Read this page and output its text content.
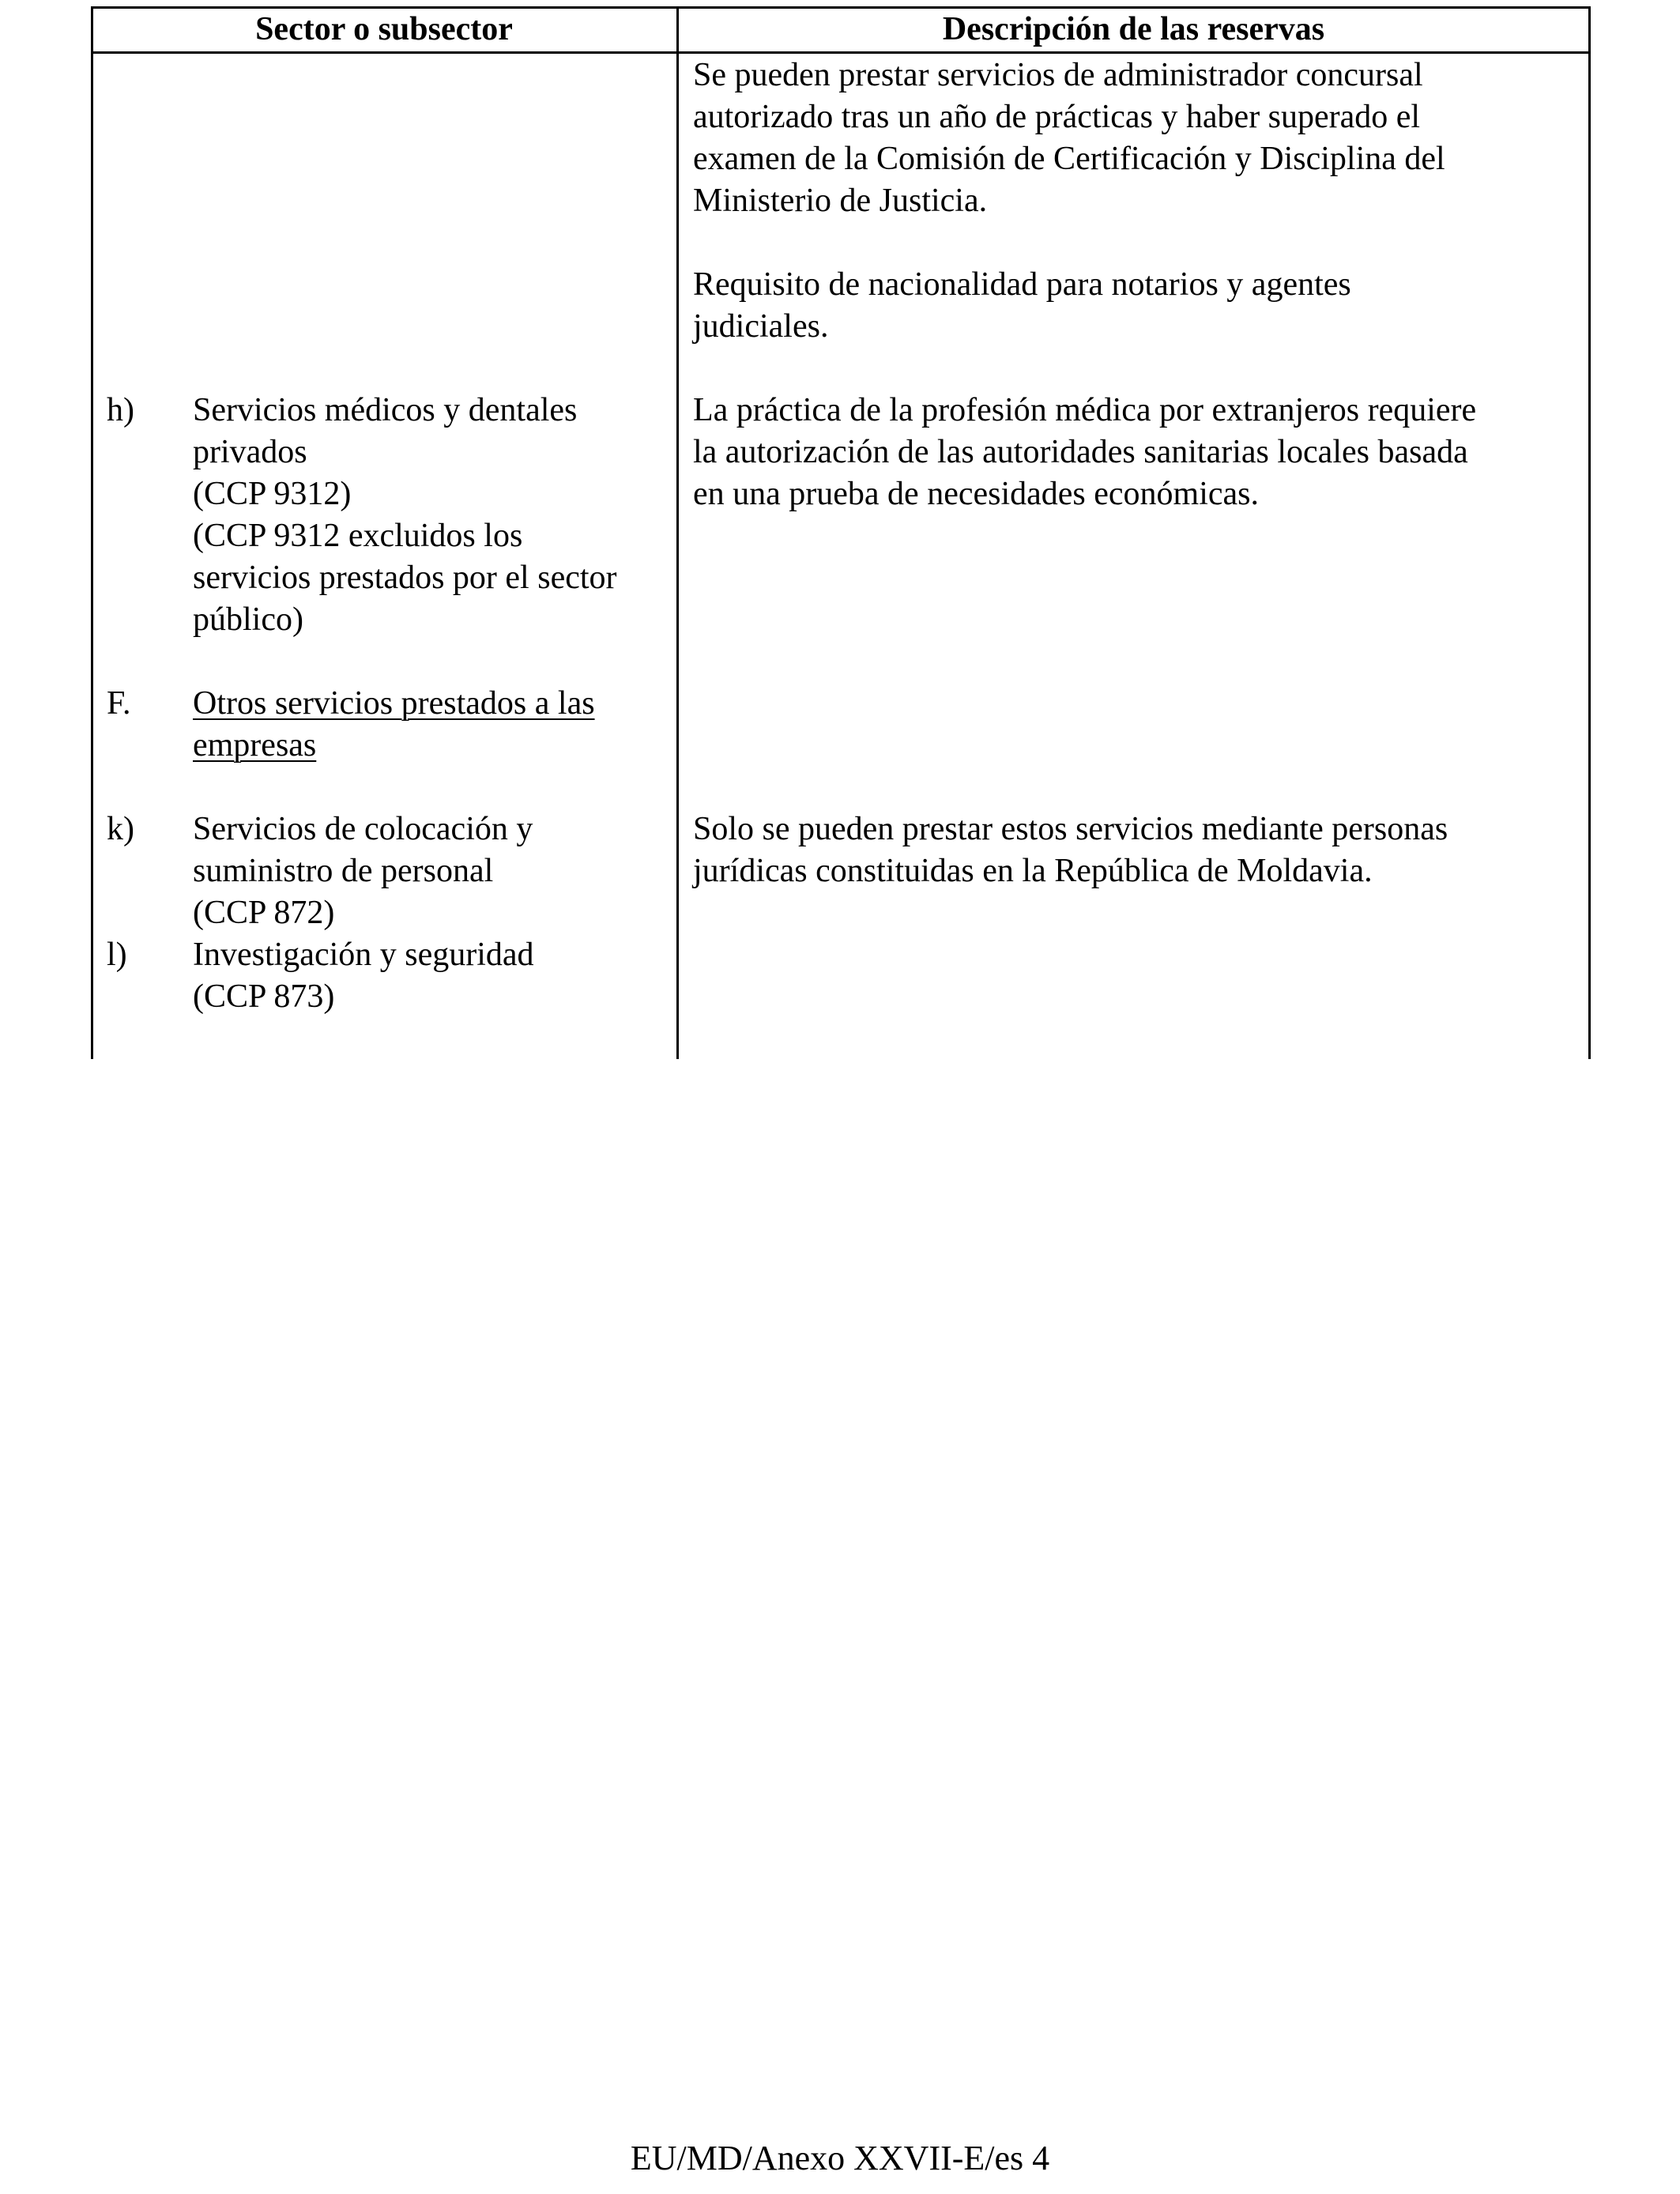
Sector o subsector	Descripción de las reservas
Se pueden prestar servicios de administrador concursal
autorizado tras un año de prácticas y haber superado el
examen de la Comisión de Certificación y Disciplina del
Ministerio de Justicia.
Requisito de nacionalidad para notarios y agentes
judiciales.
h) Servicios médicos y dentales
privados
(CCP 9312)
(CCP 9312 excluidos los
servicios prestados por el sector
público)
La práctica de la profesión médica por extranjeros requiere
la autorización de las autoridades sanitarias locales basada
en una prueba de necesidades económicas.
F. Otros servicios prestados a las
empresas
k) Servicios de colocación y
suministro de personal
(CCP 872)
Solo se pueden prestar estos servicios mediante personas
jurídicas constituidas en la República de Moldavia.
l) Investigación y seguridad
(CCP 873)
EU/MD/Anexo XXVII-E/es 4
